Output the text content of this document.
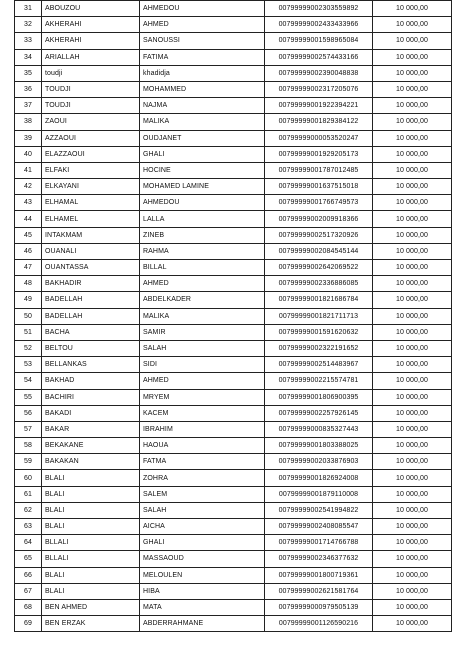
31	ABOUZOU	AHMEDOU	00799999002303559892	10 000,00
32	AKHERAHI	AHMED	00799999002433433966	10 000,00
33	AKHERAHI	SANOUSSI	00799999001598965084	10 000,00
34	ARIALLAH	FATIMA	00799999002574433166	10 000,00
35	toudji	khadidja	00799999002390048838	10 000,00
36	TOUDJI	MOHAMMED	00799999002317205076	10 000,00
37	TOUDJI	NAJMA	00799999001922394221	10 000,00
38	ZAOUI	MALIKA	00799999001829384122	10 000,00
39	AZZAOUI	OUDJANET	00799999000053520247	10 000,00
40	ELAZZAOUI	GHALI	00799999001929205173	10 000,00
41	ELFAKI	HOCINE	00799999001787012485	10 000,00
42	ELKAYANI	MOHAMED LAMINE	00799999001637515018	10 000,00
43	ELHAMAL	AHMEDOU	00799999001766749573	10 000,00
44	ELHAMEL	LALLA	00799999002009918366	10 000,00
45	INTAKMAM	ZINEB	00799999002517320926	10 000,00
46	OUANALI	RAHMA	00799999002084545144	10 000,00
47	OUANTASSA	BILLAL	00799999002642069522	10 000,00
48	BAKHADIR	AHMED	00799999002336886085	10 000,00
49	BADELLAH	ABDELKADER	00799999001821686784	10 000,00
50	BADELLAH	MALIKA	00799999001821711713	10 000,00
51	BACHA	SAMIR	00799999001591620632	10 000,00
52	BELTOU	SALAH	00799999002322191652	10 000,00
53	BELLANKAS	SIDI	00799999002514483967	10 000,00
54	BAKHAD	AHMED	00799999002215574781	10 000,00
55	BACHIRI	MRYEM	00799999001806900395	10 000,00
56	BAKADI	KACEM	00799999002257926145	10 000,00
57	BAKAR	IBRAHIM	00799999000835327443	10 000,00
58	BEKAKANE	HAOUA	00799999001803388025	10 000,00
59	BAKAKAN	FATMA	00799999002033876903	10 000,00
60	BLALI	ZOHRA	00799999001826924008	10 000,00
61	BLALI	SALEM	00799999001879110008	10 000,00
62	BLALI	SALAH	00799999002541994822	10 000,00
63	BLALI	AICHA	00799999002408085547	10 000,00
64	BLLALI	GHALI	00799999001714766788	10 000,00
65	BLLALI	MASSAOUD	00799999002346377632	10 000,00
66	BLALI	MELOULEN	00799999001800719361	10 000,00
67	BLALI	HIBA	00799999002621581764	10 000,00
68	BEN AHMED	MATA	00799999000979505139	10 000,00
69	BEN ERZAK	ABDERRAHMANE	00799999001126590216	10 000,00
